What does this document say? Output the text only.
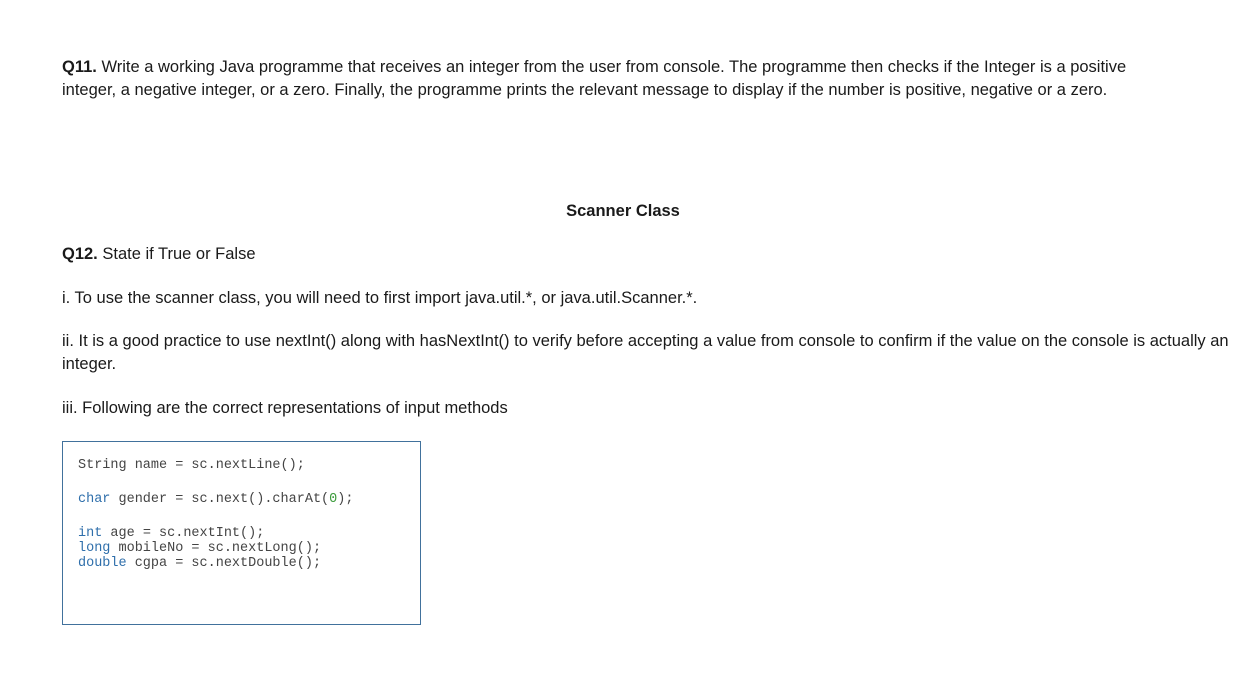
Q11. Write a working Java programme that receives an integer from the user from console. The programme then checks if the Integer is a positive integer, a negative integer, or a zero. Finally, the programme prints the relevant message to display if the number is positive, negative or a zero.

Scanner Class

Q12. State if True or False

i. To use the scanner class, you will need to first import java.util.*, or java.util.Scanner.*.

ii. It is a good practice to use nextInt() along with hasNextInt() to verify before accepting a value from console to confirm if the value on the console is actually an integer.

iii. Following are the correct representations of input methods

String name = sc.nextLine();
char gender = sc.next().charAt(0);
int age = sc.nextInt();
long mobileNo = sc.nextLong();
double cgpa = sc.nextDouble();
